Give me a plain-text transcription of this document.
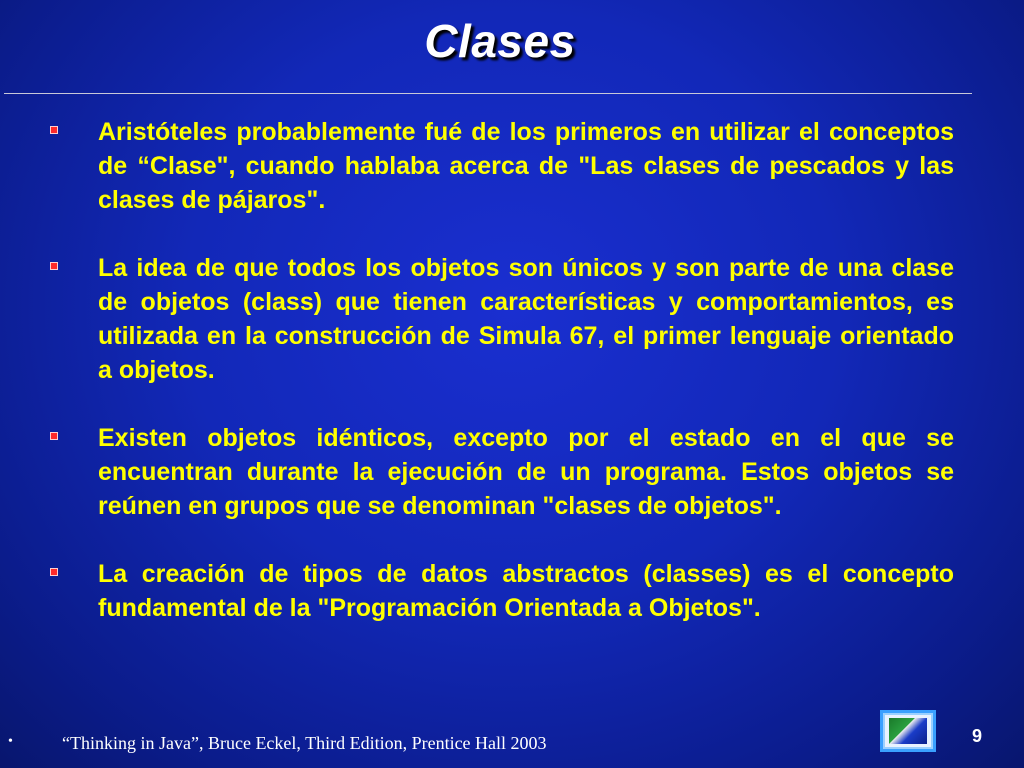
Clases
Aristóteles probablemente fué de los primeros en utilizar el conceptos de “Clase", cuando hablaba acerca de "Las clases de pescados y las clases de pájaros".
La idea de que todos los objetos son únicos y son parte de una clase de objetos (class) que tienen características y comportamientos, es utilizada en la construcción de Simula 67, el primer lenguaje orientado a objetos.
Existen objetos idénticos, excepto por el estado en el que se encuentran durante la ejecución de un programa. Estos objetos se reúnen en grupos que se denominan "clases de objetos".
La creación de tipos de datos abstractos (classes) es el concepto fundamental de la "Programación Orientada a Objetos".
•	“Thinking in Java”, Bruce Eckel, Third Edition, Prentice Hall 2003	9
